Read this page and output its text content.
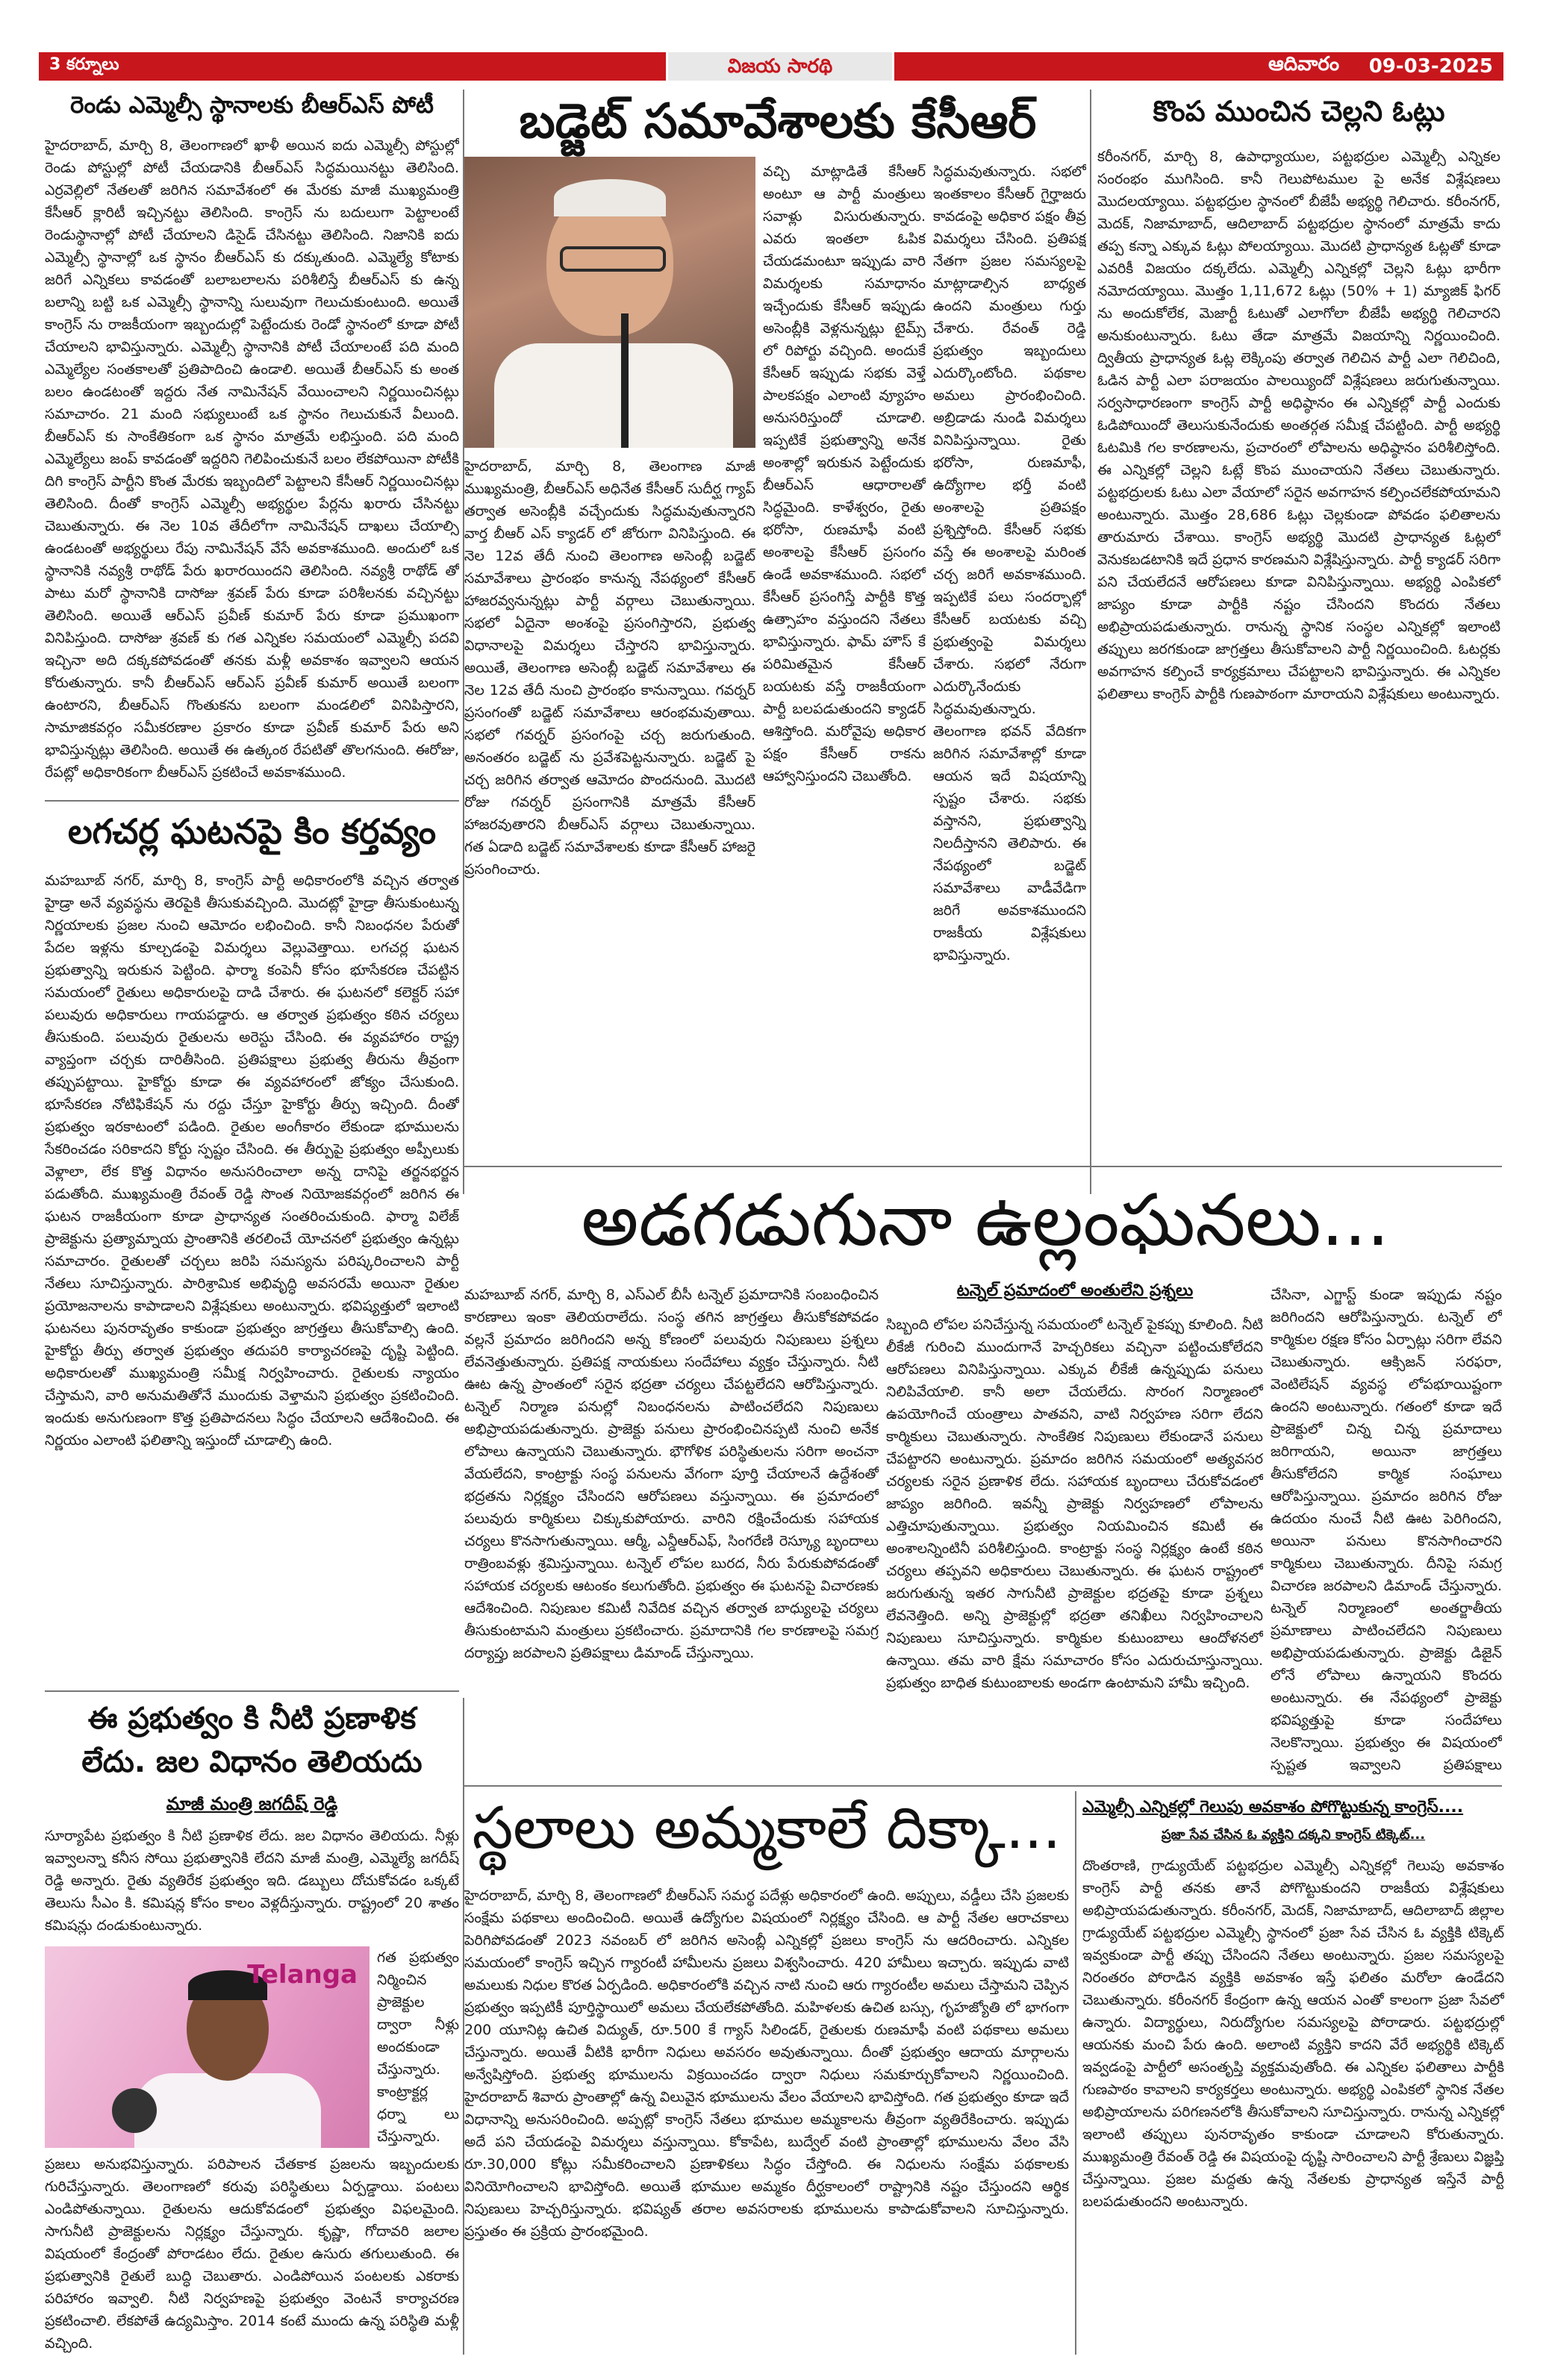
3 కర్నూలు	విజయ సారథి	ఆదివారం 09-03-2025
రెండు ఎమ్మెల్సీ స్థానాలకు బీఆర్ఎస్ పోటీ
హైదరాబాద్, మార్చి 8, తెలంగాణలో ఖాళీ అయిన ఐదు ఎమ్మెల్సీ పోస్టుల్లో రెండు పోస్టుల్లో పోటీ చేయడానికి బీఆర్ఎస్ సిద్ధమయినట్టు తెలిసింది. ఎర్రవెల్లిలో నేతలతో జరిగిన సమావేశంలో ఈ మేరకు మాజీ ముఖ్యమంత్రి కేసీఆర్ క్లారిటీ ఇచ్చినట్టు తెలిసింది. కాంగ్రెస్ ను బదులుగా పెట్టాలంటే రెండుస్థానాల్లో పోటీ చేయాలని డిసైడ్ చేసినట్టు తెలిసింది. నిజానికి ఐదు ఎమ్మెల్సీ స్థానాల్లో ఒక స్థానం బీఆర్ఎస్ కు దక్కుతుంది. ఎమ్మెల్యే కోటాకు జరిగే ఎన్నికలు కావడంతో బలాబలాలను పరిశీలిస్తే బీఆర్ఎస్ కు ఉన్న బలాన్ని బట్టి ఒక ఎమ్మెల్సీ స్థానాన్ని సులువుగా గెలుచుకుంటుంది. అయితే కాంగ్రెస్ ను రాజకీయంగా ఇబ్బందుల్లో పెట్టేందుకు రెండో స్థానంలో కూడా పోటీ చేయాలని భావిస్తున్నారు. ఎమ్మెల్సీ స్థానానికి పోటీ చేయాలంటే పది మంది ఎమ్మెల్యేల సంతకాలతో ప్రతిపాదించి ఉండాలి. అయితే బీఆర్ఎస్ కు అంత బలం ఉండటంతో ఇద్దరు నేత నామినేషన్ వేయించాలని నిర్ణయించినట్లు సమాచారం. 21 మంది సభ్యులుంటే ఒక స్థానం గెలుచుకునే వీలుంది. బీఆర్ఎస్ కు సాంకేతికంగా ఒక స్థానం మాత్రమే లభిస్తుంది. పది మంది ఎమ్మెల్యేలు జంప్ కావడంతో ఇద్దరిని గెలిపించుకునే బలం లేకపోయినా పోటీకి దిగి కాంగ్రెస్ పార్టీని కొంత మేరకు ఇబ్బందిలో పెట్టాలని కేసీఆర్ నిర్ణయించినట్లు తెలిసింది. దీంతో కాంగ్రెస్ ఎమ్మెల్సీ అభ్యర్థుల పేర్లను ఖరారు చేసినట్టు చెబుతున్నారు. ఈ నెల 10వ తేదీలోగా నామినేషన్ దాఖలు చేయాల్సి ఉండటంతో అభ్యర్థులు రేపు నామినేషన్ వేసే అవకాశముంది. అందులో ఒక స్థానానికి నవ్యశ్రీ రాథోడ్ పేరు ఖరారయిందని తెలిసింది. నవ్యశ్రీ రాథోడ్ తో పాటు మరో స్థానానికి దాసోజు శ్రవణ్ పేరు కూడా పరిశీలనకు వచ్చినట్టు తెలిసింది. అయితే ఆర్ఎస్ ప్రవీణ్ కుమార్ పేరు కూడా ప్రముఖంగా వినిపిస్తుంది. దాసోజు శ్రవణ్ కు గత ఎన్నికల సమయంలో ఎమ్మెల్సీ పదవి ఇచ్చినా అది దక్కకపోవడంతో తనకు మళ్లీ అవకాశం ఇవ్వాలని ఆయన కోరుతున్నారు. కానీ బీఆర్ఎస్ ఆర్ఎస్ ప్రవీణ్ కుమార్ అయితే బలంగా ఉంటారని, బీఆర్ఎస్ గొంతుకను బలంగా మండలిలో వినిపిస్తారని, సామాజికవర్గం సమీకరణాల ప్రకారం కూడా ప్రవీణ్ కుమార్ పేరు అని భావిస్తున్నట్లు తెలిసింది. అయితే ఈ ఉత్కంఠ రేపటితో తొలగనుంది. ఈరోజు, రేపట్లో అధికారికంగా బీఆర్ఎస్ ప్రకటించే అవకాశముంది.
బడ్జెట్ సమావేశాలకు కేసీఆర్
హైదరాబాద్, మార్చి 8, తెలంగాణ మాజీ ముఖ్యమంత్రి, బీఆర్ఎస్ అధినేత కేసీఆర్ సుదీర్ఘ గ్యాప్ తర్వాత అసెంబ్లీకి వచ్చేందుకు సిద్ధమవుతున్నారని వార్త బీఆర్ ఎస్ క్యాడర్ లో జోరుగా వినిపిస్తుంది. ఈ నెల 12వ తేదీ నుంచి తెలంగాణ అసెంబ్లీ బడ్జెట్ సమావేశాలు ప్రారంభం కానున్న నేపథ్యంలో కేసీఆర్ హాజరవ్వనున్నట్లు పార్టీ వర్గాలు చెబుతున్నాయి. సభలో ఏదైనా అంశంపై ప్రసంగిస్తారని, ప్రభుత్వ విధానాలపై విమర్శలు చేస్తారని భావిస్తున్నారు. అయితే, తెలంగాణ అసెంబ్లీ బడ్జెట్ సమావేశాలు ఈ నెల 12వ తేదీ నుంచి ప్రారంభం కానున్నాయి. గవర్నర్ ప్రసంగంతో బడ్జెట్ సమావేశాలు ఆరంభమవుతాయి. సభలో గవర్నర్ ప్రసంగంపై చర్చ జరుగుతుంది. అనంతరం బడ్జెట్ ను ప్రవేశపెట్టనున్నారు. బడ్జెట్ పై చర్చ జరిగిన తర్వాత ఆమోదం పొందనుంది. మొదటి రోజు గవర్నర్ ప్రసంగానికి మాత్రమే కేసీఆర్ హాజరవుతారని బీఆర్ఎస్ వర్గాలు చెబుతున్నాయి. గత ఏడాది బడ్జెట్ సమావేశాలకు కూడా కేసీఆర్ హాజరై ప్రసంగించారు.
వచ్చి మాట్లాడితే కేసీఆర్ అంటూ ఆ పార్టీ మంత్రులు సవాళ్లు విసురుతున్నారు. ఎవరు ఇంతలా ఓపిక చేయడమంటూ ఇప్పుడు వారి విమర్శలకు సమాధానం ఇచ్చేందుకు కేసీఆర్ ఇప్పుడు అసెంబ్లీకి వెళ్లనున్నట్లు టైమ్స్ లో రిపోర్టు వచ్చింది. అందుకే కేసీఆర్ ఇప్పుడు సభకు వెళ్తే పాలకపక్షం ఎలాంటి వ్యూహం అనుసరిస్తుందో చూడాలి. ఇప్పటికే ప్రభుత్వాన్ని అనేక అంశాల్లో ఇరుకున పెట్టేందుకు బీఆర్ఎస్ ఆధారాలతో సిద్ధమైంది. కాళేశ్వరం, రైతు భరోసా, రుణమాఫీ వంటి అంశాలపై కేసీఆర్ ప్రసంగం ఉండే అవకాశముంది. సభలో కేసీఆర్ ప్రసంగిస్తే పార్టీకి కొత్త ఉత్సాహం వస్తుందని నేతలు భావిస్తున్నారు. ఫామ్ హౌస్ కే పరిమితమైన కేసీఆర్ బయటకు వస్తే రాజకీయంగా పార్టీ బలపడుతుందని క్యాడర్ ఆశిస్తోంది. మరోవైపు అధికార పక్షం కేసీఆర్ రాకను ఆహ్వానిస్తుందని చెబుతోంది.
సిద్ధమవుతున్నారు. సభలో ఇంతకాలం కేసీఆర్ గైర్హాజరు కావడంపై అధికార పక్షం తీవ్ర విమర్శలు చేసింది. ప్రతిపక్ష నేతగా ప్రజల సమస్యలపై మాట్లాడాల్సిన బాధ్యత ఉందని మంత్రులు గుర్తు చేశారు. రేవంత్ రెడ్డి ప్రభుత్వం ఇబ్బందులు ఎదుర్కొంటోంది. పథకాల అమలు ప్రారంభించింది. అబ్రిడాడు నుండి విమర్శలు వినిపిస్తున్నాయి. రైతు భరోసా, రుణమాఫీ, ఉద్యోగాల భర్తీ వంటి అంశాలపై ప్రతిపక్షం ప్రశ్నిస్తోంది. కేసీఆర్ సభకు వస్తే ఈ అంశాలపై మరింత చర్చ జరిగే అవకాశముంది. ఇప్పటికే పలు సందర్భాల్లో కేసీఆర్ బయటకు వచ్చి ప్రభుత్వంపై విమర్శలు చేశారు. సభలో నేరుగా ఎదుర్కొనేందుకు సిద్ధమవుతున్నారు. తెలంగాణ భవన్ వేదికగా జరిగిన సమావేశాల్లో కూడా ఆయన ఇదే విషయాన్ని స్పష్టం చేశారు. సభకు వస్తానని, ప్రభుత్వాన్ని నిలదీస్తానని తెలిపారు. ఈ నేపథ్యంలో బడ్జెట్ సమావేశాలు వాడీవేడిగా జరిగే అవకాశముందని రాజకీయ విశ్లేషకులు భావిస్తున్నారు.
కొంప ముంచిన చెల్లని ఓట్లు
కరీంనగర్, మార్చి 8, ఉపాధ్యాయుల, పట్టభద్రుల ఎమ్మెల్సీ ఎన్నికల సంరంభం ముగిసింది. కానీ గెలుపోటముల పై అనేక విశ్లేషణలు మొదలయ్యాయి. పట్టభద్రుల స్థానంలో బీజేపీ అభ్యర్థి గెలిచారు. కరీంనగర్, మెదక్, నిజామాబాద్, ఆదిలాబాద్ పట్టభద్రుల స్థానంలో మాత్రమే కాదు తప్ప కన్నా ఎక్కువ ఓట్లు పోలయ్యాయి. మొదటి ప్రాధాన్యత ఓట్లతో కూడా ఎవరికీ విజయం దక్కలేదు. ఎమ్మెల్సీ ఎన్నికల్లో చెల్లని ఓట్లు భారీగా నమోదయ్యాయి. మొత్తం 1,11,672 ఓట్లు (50% + 1) మ్యాజిక్ ఫిగర్ ను అందుకోలేక, మెజార్టీ ఓటుతో ఎలాగోలా బీజేపీ అభ్యర్థి గెలిచారని అనుకుంటున్నారు. ఓటు తేడా మాత్రమే విజయాన్ని నిర్ణయించింది. ద్వితీయ ప్రాధాన్యత ఓట్ల లెక్కింపు తర్వాత గెలిచిన పార్టీ ఎలా గెలిచింది, ఓడిన పార్టీ ఎలా పరాజయం పాలయ్యిందో విశ్లేషణలు జరుగుతున్నాయి. సర్వసాధారణంగా కాంగ్రెస్ పార్టీ అధిష్ఠానం ఈ ఎన్నికల్లో పార్టీ ఎందుకు ఓడిపోయిందో తెలుసుకునేందుకు అంతర్గత సమీక్ష చేపట్టింది. పార్టీ అభ్యర్థి ఓటమికి గల కారణాలను, ప్రచారంలో లోపాలను అధిష్ఠానం పరిశీలిస్తోంది. ఈ ఎన్నికల్లో చెల్లని ఓట్లే కొంప ముంచాయని నేతలు చెబుతున్నారు. పట్టభద్రులకు ఓటు ఎలా వేయాలో సరైన అవగాహన కల్పించలేకపోయామని అంటున్నారు. మొత్తం 28,686 ఓట్లు చెల్లకుండా పోవడం ఫలితాలను తారుమారు చేశాయి. కాంగ్రెస్ అభ్యర్థి మొదటి ప్రాధాన్యత ఓట్లలో వెనుకబడటానికి ఇదే ప్రధాన కారణమని విశ్లేషిస్తున్నారు. పార్టీ క్యాడర్ సరిగా పని చేయలేదనే ఆరోపణలు కూడా వినిపిస్తున్నాయి. అభ్యర్థి ఎంపికలో జాప్యం కూడా పార్టీకి నష్టం చేసిందని కొందరు నేతలు అభిప్రాయపడుతున్నారు. రానున్న స్థానిక సంస్థల ఎన్నికల్లో ఇలాంటి తప్పులు జరగకుండా జాగ్రత్తలు తీసుకోవాలని పార్టీ నిర్ణయించింది. ఓటర్లకు అవగాహన కల్పించే కార్యక్రమాలు చేపట్టాలని భావిస్తున్నారు. ఈ ఎన్నికల ఫలితాలు కాంగ్రెస్ పార్టీకి గుణపాఠంగా మారాయని విశ్లేషకులు అంటున్నారు.
లగచర్ల ఘటనపై కిం కర్తవ్యం
మహబూబ్ నగర్, మార్చి 8, కాంగ్రెస్ పార్టీ అధికారంలోకి వచ్చిన తర్వాత హైడ్రా అనే వ్యవస్థను తెరపైకి తీసుకువచ్చింది. మొదట్లో హైడ్రా తీసుకుంటున్న నిర్ణయాలకు ప్రజల నుంచి ఆమోదం లభించింది. కానీ నిబంధనల పేరుతో పేదల ఇళ్లను కూల్చడంపై విమర్శలు వెల్లువెత్తాయి. లగచర్ల ఘటన ప్రభుత్వాన్ని ఇరుకున పెట్టింది. ఫార్మా కంపెనీ కోసం భూసేకరణ చేపట్టిన సమయంలో రైతులు అధికారులపై దాడి చేశారు. ఈ ఘటనలో కలెక్టర్ సహా పలువురు అధికారులు గాయపడ్డారు. ఆ తర్వాత ప్రభుత్వం కఠిన చర్యలు తీసుకుంది. పలువురు రైతులను అరెస్టు చేసింది. ఈ వ్యవహారం రాష్ట్ర వ్యాప్తంగా చర్చకు దారితీసింది. ప్రతిపక్షాలు ప్రభుత్వ తీరును తీవ్రంగా తప్పుపట్టాయి. హైకోర్టు కూడా ఈ వ్యవహారంలో జోక్యం చేసుకుంది. భూసేకరణ నోటిఫికేషన్ ను రద్దు చేస్తూ హైకోర్టు తీర్పు ఇచ్చింది. దీంతో ప్రభుత్వం ఇరకాటంలో పడింది. రైతుల అంగీకారం లేకుండా భూములను సేకరించడం సరికాదని కోర్టు స్పష్టం చేసింది. ఈ తీర్పుపై ప్రభుత్వం అప్పీలుకు వెళ్లాలా, లేక కొత్త విధానం అనుసరించాలా అన్న దానిపై తర్జనభర్జన పడుతోంది. ముఖ్యమంత్రి రేవంత్ రెడ్డి సొంత నియోజకవర్గంలో జరిగిన ఈ ఘటన రాజకీయంగా కూడా ప్రాధాన్యత సంతరించుకుంది. ఫార్మా విలేజ్ ప్రాజెక్టును ప్రత్యామ్నాయ ప్రాంతానికి తరలించే యోచనలో ప్రభుత్వం ఉన్నట్లు సమాచారం. రైతులతో చర్చలు జరిపి సమస్యను పరిష్కరించాలని పార్టీ నేతలు సూచిస్తున్నారు. పారిశ్రామిక అభివృద్ధి అవసరమే అయినా రైతుల ప్రయోజనాలను కాపాడాలని విశ్లేషకులు అంటున్నారు. భవిష్యత్తులో ఇలాంటి ఘటనలు పునరావృతం కాకుండా ప్రభుత్వం జాగ్రత్తలు తీసుకోవాల్సి ఉంది. హైకోర్టు తీర్పు తర్వాత ప్రభుత్వం తదుపరి కార్యాచరణపై దృష్టి పెట్టింది. అధికారులతో ముఖ్యమంత్రి సమీక్ష నిర్వహించారు. రైతులకు న్యాయం చేస్తామని, వారి అనుమతితోనే ముందుకు వెళ్తామని ప్రభుత్వం ప్రకటించింది. ఇందుకు అనుగుణంగా కొత్త ప్రతిపాదనలు సిద్ధం చేయాలని ఆదేశించింది. ఈ నిర్ణయం ఎలాంటి ఫలితాన్ని ఇస్తుందో చూడాల్సి ఉంది.
అడగడుగునా ఉల్లంఘనలు...
మహబూబ్ నగర్, మార్చి 8, ఎస్ఎల్ బీసీ టన్నెల్ ప్రమాదానికి సంబంధించిన కారణాలు ఇంకా తెలియరాలేదు. సంస్థ తగిన జాగ్రత్తలు తీసుకోకపోవడం వల్లనే ప్రమాదం జరిగిందని అన్న కోణంలో పలువురు నిపుణులు ప్రశ్నలు లేవనెత్తుతున్నారు. ప్రతిపక్ష నాయకులు సందేహాలు వ్యక్తం చేస్తున్నారు. నీటి ఊట ఉన్న ప్రాంతంలో సరైన భద్రతా చర్యలు చేపట్టలేదని ఆరోపిస్తున్నారు. టన్నెల్ నిర్మాణ పనుల్లో నిబంధనలను పాటించలేదని నిపుణులు అభిప్రాయపడుతున్నారు. ప్రాజెక్టు పనులు ప్రారంభించినప్పటి నుంచి అనేక లోపాలు ఉన్నాయని చెబుతున్నారు. భౌగోళిక పరిస్థితులను సరిగా అంచనా వేయలేదని, కాంట్రాక్టు సంస్థ పనులను వేగంగా పూర్తి చేయాలనే ఉద్దేశంతో భద్రతను నిర్లక్ష్యం చేసిందని ఆరోపణలు వస్తున్నాయి. ఈ ప్రమాదంలో పలువురు కార్మికులు చిక్కుకుపోయారు. వారిని రక్షించేందుకు సహాయక చర్యలు కొనసాగుతున్నాయి. ఆర్మీ, ఎన్డీఆర్ఎఫ్, సింగరేణి రెస్క్యూ బృందాలు రాత్రింబవళ్లు శ్రమిస్తున్నాయి. టన్నెల్ లోపల బురద, నీరు పేరుకుపోవడంతో సహాయక చర్యలకు ఆటంకం కలుగుతోంది. ప్రభుత్వం ఈ ఘటనపై విచారణకు ఆదేశించింది. నిపుణుల కమిటీ నివేదిక వచ్చిన తర్వాత బాధ్యులపై చర్యలు తీసుకుంటామని మంత్రులు ప్రకటించారు. ప్రమాదానికి గల కారణాలపై సమగ్ర దర్యాప్తు జరపాలని ప్రతిపక్షాలు డిమాండ్ చేస్తున్నాయి.
టన్నెల్ ప్రమాదంలో అంతులేని ప్రశ్నలు
సిబ్బంది లోపల పనిచేస్తున్న సమయంలో టన్నెల్ పైకప్పు కూలింది. నీటి లీకేజీ గురించి ముందుగానే హెచ్చరికలు వచ్చినా పట్టించుకోలేదని ఆరోపణలు వినిపిస్తున్నాయి. ఎక్కువ లీకేజీ ఉన్నప్పుడు పనులు నిలిపివేయాలి. కానీ అలా చేయలేదు. సొరంగ నిర్మాణంలో ఉపయోగించే యంత్రాలు పాతవని, వాటి నిర్వహణ సరిగా లేదని కార్మికులు చెబుతున్నారు. సాంకేతిక నిపుణులు లేకుండానే పనులు చేపట్టారని అంటున్నారు. ప్రమాదం జరిగిన సమయంలో అత్యవసర చర్యలకు సరైన ప్రణాళిక లేదు. సహాయక బృందాలు చేరుకోవడంలో జాప్యం జరిగింది. ఇవన్నీ ప్రాజెక్టు నిర్వహణలో లోపాలను ఎత్తిచూపుతున్నాయి. ప్రభుత్వం నియమించిన కమిటీ ఈ అంశాలన్నింటినీ పరిశీలిస్తుంది. కాంట్రాక్టు సంస్థ నిర్లక్ష్యం ఉంటే కఠిన చర్యలు తప్పవని అధికారులు చెబుతున్నారు. ఈ ఘటన రాష్ట్రంలో జరుగుతున్న ఇతర సాగునీటి ప్రాజెక్టుల భద్రతపై కూడా ప్రశ్నలు లేవనెత్తింది. అన్ని ప్రాజెక్టుల్లో భద్రతా తనిఖీలు నిర్వహించాలని నిపుణులు సూచిస్తున్నారు. కార్మికుల కుటుంబాలు ఆందోళనలో ఉన్నాయి. తమ వారి క్షేమ సమాచారం కోసం ఎదురుచూస్తున్నాయి. ప్రభుత్వం బాధిత కుటుంబాలకు అండగా ఉంటామని హామీ ఇచ్చింది.
చేసినా, ఎగ్జాస్ట్ కుండా ఇప్పుడు నష్టం జరిగిందని ఆరోపిస్తున్నారు. టన్నెల్ లో కార్మికుల రక్షణ కోసం ఏర్పాట్లు సరిగా లేవని చెబుతున్నారు. ఆక్సిజన్ సరఫరా, వెంటిలేషన్ వ్యవస్థ లోపభూయిష్టంగా ఉందని అంటున్నారు. గతంలో కూడా ఇదే ప్రాజెక్టులో చిన్న చిన్న ప్రమాదాలు జరిగాయని, అయినా జాగ్రత్తలు తీసుకోలేదని కార్మిక సంఘాలు ఆరోపిస్తున్నాయి. ప్రమాదం జరిగిన రోజు ఉదయం నుంచే నీటి ఊట పెరిగిందని, అయినా పనులు కొనసాగించారని కార్మికులు చెబుతున్నారు. దీనిపై సమగ్ర విచారణ జరపాలని డిమాండ్ చేస్తున్నారు. టన్నెల్ నిర్మాణంలో అంతర్జాతీయ ప్రమాణాలు పాటించలేదని నిపుణులు అభిప్రాయపడుతున్నారు. ప్రాజెక్టు డిజైన్ లోనే లోపాలు ఉన్నాయని కొందరు అంటున్నారు. ఈ నేపథ్యంలో ప్రాజెక్టు భవిష్యత్తుపై కూడా సందేహాలు నెలకొన్నాయి. ప్రభుత్వం ఈ విషయంలో స్పష్టత ఇవ్వాలని ప్రతిపక్షాలు
ఈ ప్రభుత్వం కి నీటి ప్రణాళిక
లేదు. జల విధానం తెలియదు
మాజీ మంత్రి జగదీష్ రెడ్డి
సూర్యాపేట ప్రభుత్వం కి నీటి ప్రణాళిక లేదు. జల విధానం తెలియదు. నీళ్లు ఇవ్వాలన్నా కనీస సోయి ప్రభుత్వానికి లేదని మాజీ మంత్రి, ఎమ్మెల్యే జగదీష్ రెడ్డి అన్నారు. రైతు వ్యతిరేక ప్రభుత్వం ఇది. డబ్బులు దోచుకోవడం ఒక్కటే తెలుసు సీఎం కి. కమిషన్ల కోసం కాలం వెళ్లదీస్తున్నారు. రాష్ట్రంలో 20 శాతం కమిషన్లు దండుకుంటున్నారు.
Telanga
గత ప్రభుత్వం నిర్మించిన ప్రాజెక్టుల ద్వారా నీళ్లు అందకుండా చేస్తున్నారు. కాంట్రాక్టర్ల ధర్నా లు చేస్తున్నారు.
ప్రజలు అనుభవిస్తున్నారు. పరిపాలన చేతకాక ప్రజలను ఇబ్బందులకు గురిచేస్తున్నారు. తెలంగాణలో కరువు పరిస్థితులు ఏర్పడ్డాయి. పంటలు ఎండిపోతున్నాయి. రైతులను ఆదుకోవడంలో ప్రభుత్వం విఫలమైంది. సాగునీటి ప్రాజెక్టులను నిర్లక్ష్యం చేస్తున్నారు. కృష్ణా, గోదావరి జలాల విషయంలో కేంద్రంతో పోరాడటం లేదు. రైతుల ఉసురు తగులుతుంది. ఈ ప్రభుత్వానికి రైతులే బుద్ధి చెబుతారు. ఎండిపోయిన పంటలకు ఎకరాకు పరిహారం ఇవ్వాలి. నీటి నిర్వహణపై ప్రభుత్వం వెంటనే కార్యాచరణ ప్రకటించాలి. లేకపోతే ఉద్యమిస్తాం. 2014 కంటే ముందు ఉన్న పరిస్థితి మళ్లీ వచ్చింది.
స్థలాలు అమ్మకాలే దిక్కా...
హైదరాబాద్, మార్చి 8, తెలంగాణలో బీఆర్ఎస్ సమర్థ పదేళ్లు అధికారంలో ఉంది. అప్పులు, వడ్డీలు చేసి ప్రజలకు సంక్షేమ పథకాలు అందించింది. అయితే ఉద్యోగుల విషయంలో నిర్లక్ష్యం చేసింది. ఆ పార్టీ నేతల ఆరాచకాలు పెరిగిపోవడంతో 2023 నవంబర్ లో జరిగిన అసెంబ్లీ ఎన్నికల్లో ప్రజలు కాంగ్రెస్ ను ఆదరించారు. ఎన్నికల సమయంలో కాంగ్రెస్ ఇచ్చిన గ్యారంటీ హామీలను ప్రజలు విశ్వసించారు. 420 హామీలు ఇచ్చారు. ఇప్పుడు వాటి అమలుకు నిధుల కొరత ఏర్పడింది. అధికారంలోకి వచ్చిన నాటి నుంచి ఆరు గ్యారంటీల అమలు చేస్తామని చెప్పిన ప్రభుత్వం ఇప్పటికీ పూర్తిస్థాయిలో అమలు చేయలేకపోతోంది. మహిళలకు ఉచిత బస్సు, గృహజ్యోతి లో భాగంగా 200 యూనిట్ల ఉచిత విద్యుత్, రూ.500 కే గ్యాస్ సిలిండర్, రైతులకు రుణమాఫీ వంటి పథకాలు అమలు చేస్తున్నారు. అయితే వీటికి భారీగా నిధులు అవసరం అవుతున్నాయి. దీంతో ప్రభుత్వం ఆదాయ మార్గాలను అన్వేషిస్తోంది. ప్రభుత్వ భూములను విక్రయించడం ద్వారా నిధులు సమకూర్చుకోవాలని నిర్ణయించింది. హైదరాబాద్ శివారు ప్రాంతాల్లో ఉన్న విలువైన భూములను వేలం వేయాలని భావిస్తోంది. గత ప్రభుత్వం కూడా ఇదే విధానాన్ని అనుసరించింది. అప్పట్లో కాంగ్రెస్ నేతలు భూముల అమ్మకాలను తీవ్రంగా వ్యతిరేకించారు. ఇప్పుడు అదే పని చేయడంపై విమర్శలు వస్తున్నాయి. కోకాపేట, బుద్వేల్ వంటి ప్రాంతాల్లో భూములను వేలం వేసి రూ.30,000 కోట్లు సమీకరించాలని ప్రణాళికలు సిద్ధం చేస్తోంది. ఈ నిధులను సంక్షేమ పథకాలకు వినియోగించాలని భావిస్తోంది. అయితే భూముల అమ్మకం దీర్ఘకాలంలో రాష్ట్రానికి నష్టం చేస్తుందని ఆర్థిక నిపుణులు హెచ్చరిస్తున్నారు. భవిష్యత్ తరాల అవసరాలకు భూములను కాపాడుకోవాలని సూచిస్తున్నారు. ప్రస్తుతం ఈ ప్రక్రియ ప్రారంభమైంది.
ఎమ్మెల్సీ ఎన్నికల్లో గెలుపు అవకాశం పోగొట్టుకున్న కాంగ్రెస్....
ప్రజా సేవ చేసిన ఓ వ్యక్తిని దక్కని కాంగ్రెస్ టిక్కెట్...
దొంతరాణి, గ్రాడ్యుయేట్ పట్టభద్రుల ఎమ్మెల్సీ ఎన్నికల్లో గెలుపు అవకాశం కాంగ్రెస్ పార్టీ తనకు తానే పోగొట్టుకుందని రాజకీయ విశ్లేషకులు అభిప్రాయపడుతున్నారు. కరీంనగర్, మెదక్, నిజామాబాద్, ఆదిలాబాద్ జిల్లాల గ్రాడ్యుయేట్ పట్టభద్రుల ఎమ్మెల్సీ స్థానంలో ప్రజా సేవ చేసిన ఓ వ్యక్తికి టిక్కెట్ ఇవ్వకుండా పార్టీ తప్పు చేసిందని నేతలు అంటున్నారు. ప్రజల సమస్యలపై నిరంతరం పోరాడిన వ్యక్తికి అవకాశం ఇస్తే ఫలితం మరోలా ఉండేదని చెబుతున్నారు. కరీంనగర్ కేంద్రంగా ఉన్న ఆయన ఎంతో కాలంగా ప్రజా సేవలో ఉన్నారు. విద్యార్థులు, నిరుద్యోగుల సమస్యలపై పోరాడారు. పట్టభద్రుల్లో ఆయనకు మంచి పేరు ఉంది. అలాంటి వ్యక్తిని కాదని వేరే అభ్యర్థికి టిక్కెట్ ఇవ్వడంపై పార్టీలో అసంతృప్తి వ్యక్తమవుతోంది. ఈ ఎన్నికల ఫలితాలు పార్టీకి గుణపాఠం కావాలని కార్యకర్తలు అంటున్నారు. అభ్యర్థి ఎంపికలో స్థానిక నేతల అభిప్రాయాలను పరిగణనలోకి తీసుకోవాలని సూచిస్తున్నారు. రానున్న ఎన్నికల్లో ఇలాంటి తప్పులు పునరావృతం కాకుండా చూడాలని కోరుతున్నారు. ముఖ్యమంత్రి రేవంత్ రెడ్డి ఈ విషయంపై దృష్టి సారించాలని పార్టీ శ్రేణులు విజ్ఞప్తి చేస్తున్నాయి. ప్రజల మద్దతు ఉన్న నేతలకు ప్రాధాన్యత ఇస్తేనే పార్టీ బలపడుతుందని అంటున్నారు.
